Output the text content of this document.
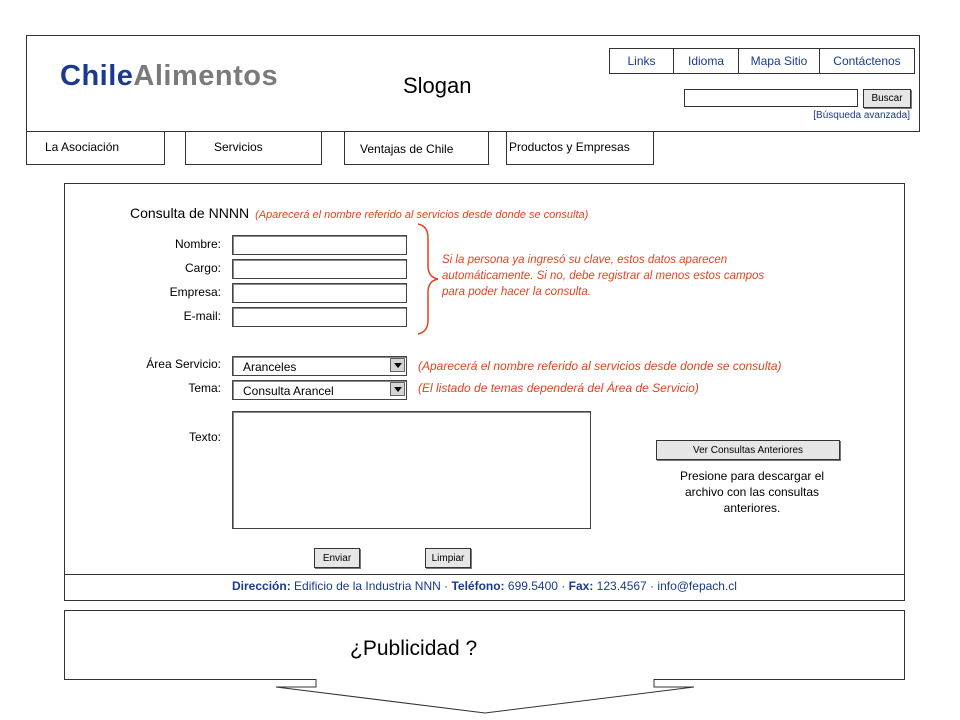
ChileAlimentos	Slogan
Links	Idioma	Mapa Sitio	Contáctenos
Buscar
[Búsqueda avanzada]
La Asociación	Servicios	Ventajas de Chile	Productos y Empresas
Consulta de NNNN (Aparecerá el nombre referido al servicios desde donde se consulta)
Nombre:
Cargo:
Empresa:
E-mail:
Si la persona ya ingresó su clave, estos datos aparecen automáticamente. Si no, debe registrar al menos estos campos para poder hacer la consulta.
Área Servicio: Aranceles	(Aparecerá el nombre referido al servicios desde donde se consulta)
Tema: Consulta Arancel	(El listado de temas dependerá del Área de Servicio)
Texto:
Ver Consultas Anteriores
Presione para descargar el archivo con las consultas anteriores.
Enviar	Limpiar
Dirección: Edificio de la Industria NNN · Teléfono: 699.5400 · Fax: 123.4567 · info@fepach.cl
¿Publicidad ?
